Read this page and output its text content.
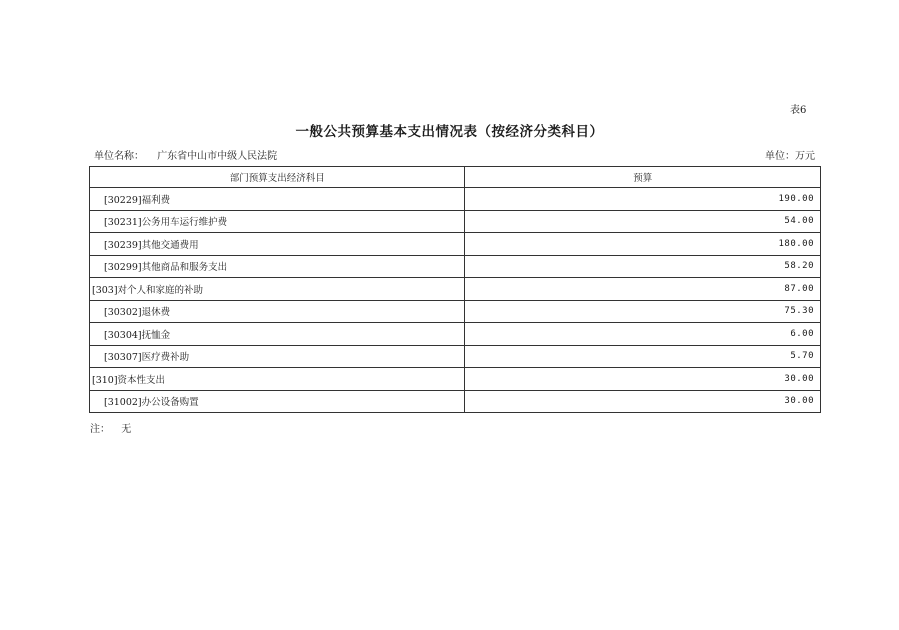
表6
一般公共预算基本支出情况表（按经济分类科目）
单位名称： 广东省中山市中级人民法院	单位：万元
部门预算支出经济科目	预算
[30229]福利费	190.00
[30231]公务用车运行维护费	54.00
[30239]其他交通费用	180.00
[30299]其他商品和服务支出	58.20
[303]对个人和家庭的补助	87.00
[30302]退休费	75.30
[30304]抚恤金	6.00
[30307]医疗费补助	5.70
[310]资本性支出	30.00
[31002]办公设备购置	30.00
注： 无
